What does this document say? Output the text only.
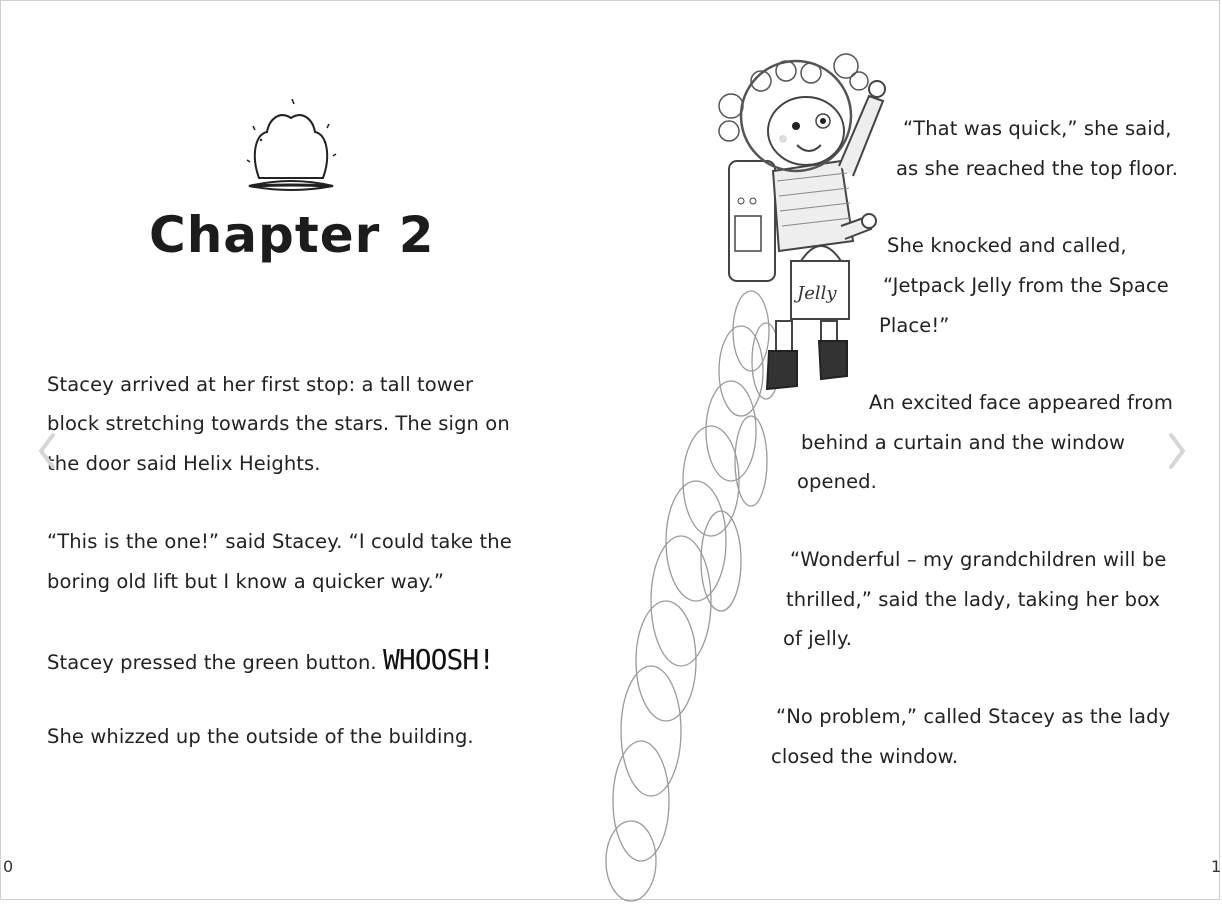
Chapter 2
Stacey arrived at her first stop: a tall tower
block stretching towards the stars. The sign on
the door said Helix Heights.
“This is the one!” said Stacey. “I could take the
boring old lift but I know a quicker way.”
Stacey pressed the green button. WHOOSH!
She whizzed up the outside of the building.
0
Jelly
“That was quick,” she said,
as she reached the top floor.
She knocked and called,
“Jetpack Jelly from the Space
Place!”
An excited face appeared from
behind a curtain and the window
opened.
“Wonderful – my grandchildren will be
thrilled,” said the lady, taking her box
of jelly.
“No problem,” called Stacey as the lady
closed the window.
1
